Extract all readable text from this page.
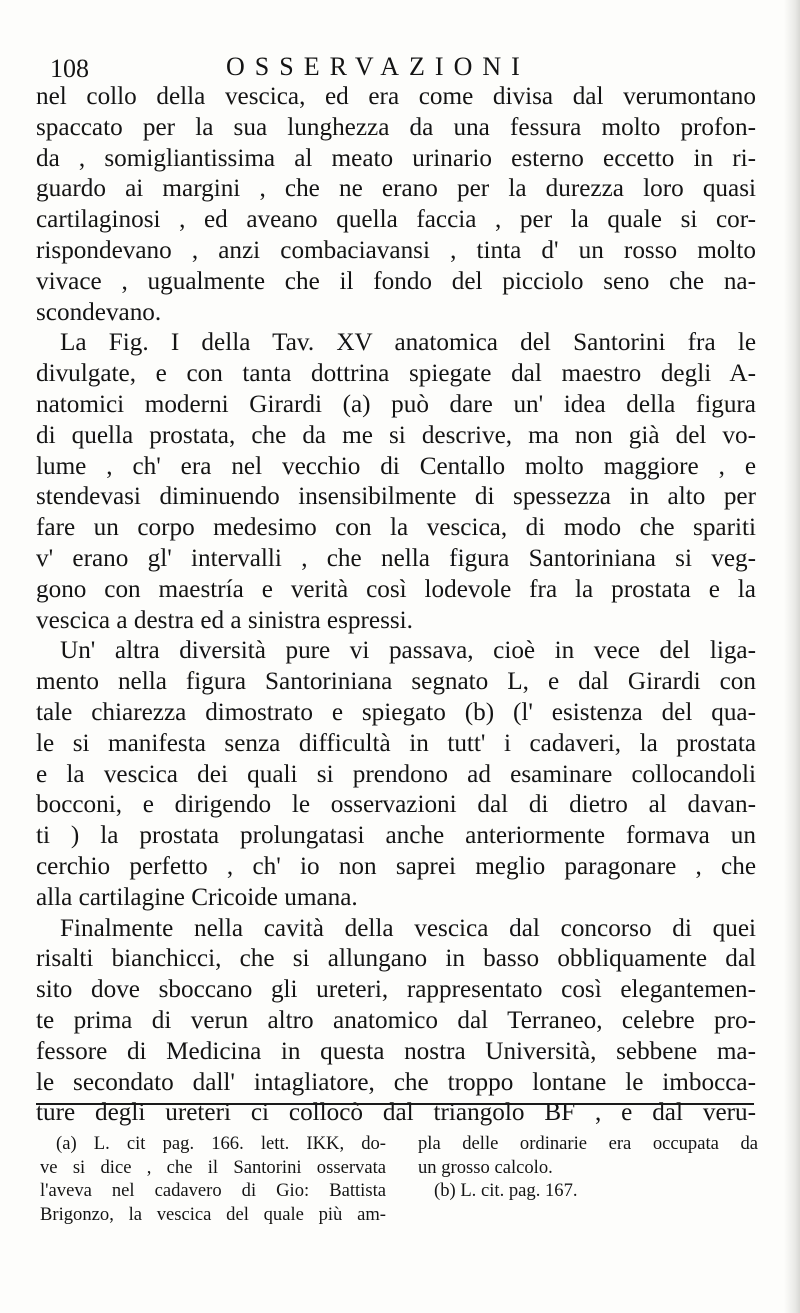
108	OSSERVAZIONI
nel collo della vescica, ed era come divisa dal verumontano
spaccato per la sua lunghezza da una fessura molto profon-
da , somigliantissima al meato urinario esterno eccetto in ri-
guardo ai margini , che ne erano per la durezza loro quasi
cartilaginosi , ed aveano quella faccia , per la quale si cor-
rispondevano , anzi combaciavansi , tinta d' un rosso molto
vivace , ugualmente che il fondo del picciolo seno che na-
scondevano.
La Fig. I della Tav. XV anatomica del Santorini fra le
divulgate, e con tanta dottrina spiegate dal maestro degli A-
natomici moderni Girardi (a) può dare un' idea della figura
di quella prostata, che da me si descrive, ma non già del vo-
lume , ch' era nel vecchio di Centallo molto maggiore , e
stendevasi diminuendo insensibilmente di spessezza in alto per
fare un corpo medesimo con la vescica, di modo che spariti
v' erano gl' intervalli , che nella figura Santoriniana si veg-
gono con maestría e verità così lodevole fra la prostata e la
vescica a destra ed a sinistra espressi.
Un' altra diversità pure vi passava, cioè in vece del liga-
mento nella figura Santoriniana segnato L, e dal Girardi con
tale chiarezza dimostrato e spiegato (b) (l' esistenza del qua-
le si manifesta senza difficultà in tutt' i cadaveri, la prostata
e la vescica dei quali si prendono ad esaminare collocandoli
bocconi, e dirigendo le osservazioni dal di dietro al davan-
ti ) la prostata prolungatasi anche anteriormente formava un
cerchio perfetto , ch' io non saprei meglio paragonare , che
alla cartilagine Cricoide umana.
Finalmente nella cavità della vescica dal concorso di quei
risalti bianchicci, che si allungano in basso obbliquamente dal
sito dove sboccano gli ureteri, rappresentato così elegantemen-
te prima di verun altro anatomico dal Terraneo, celebre pro-
fessore di Medicina in questa nostra Università, sebbene ma-
le secondato dall' intagliatore, che troppo lontane le imbocca-
ture degli ureteri ci collocò dal triangolo BF , e dal veru-
(a) L. cit pag. 166. lett. IKK, do-
ve si dice , che il Santorini osservata
l'aveva nel cadavero di Gio: Battista
Brigonzo, la vescica del quale più am-
pla delle ordinarie era occupata da
un grosso calcolo.
(b) L. cit. pag. 167.
